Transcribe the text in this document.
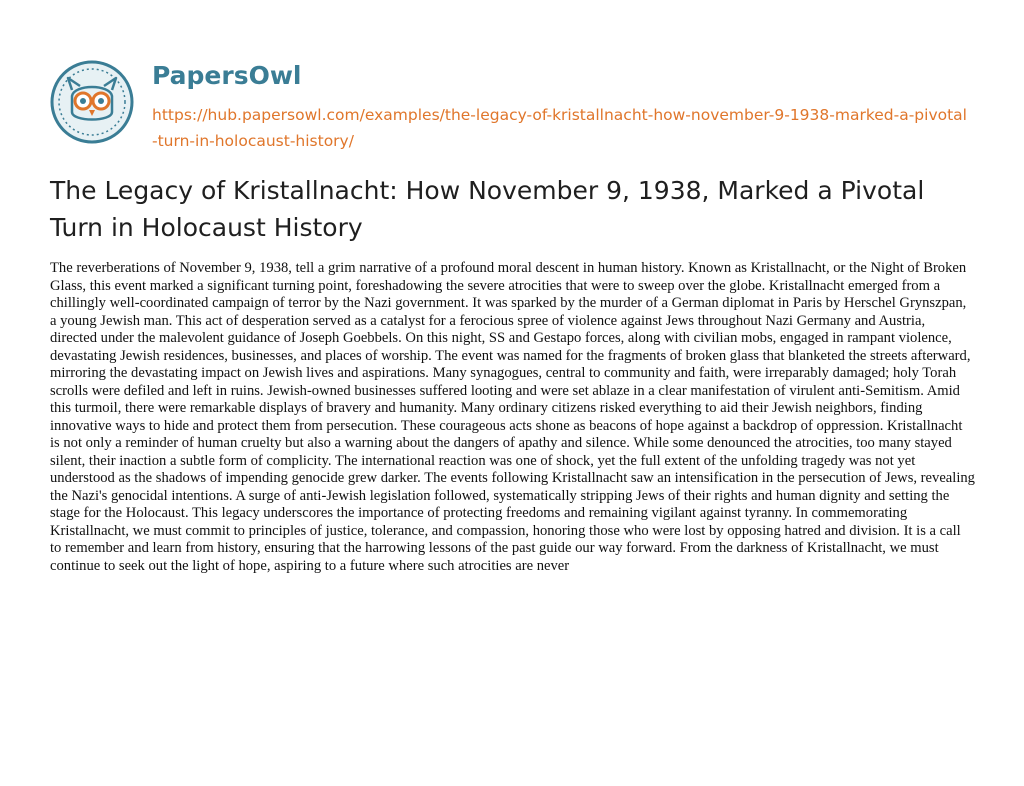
PapersOwl
https://hub.papersowl.com/examples/the-legacy-of-kristallnacht-how-november-9-1938-marked-a-pivotal-turn-in-holocaust-history/
The Legacy of Kristallnacht: How November 9, 1938, Marked a Pivotal Turn in Holocaust History

The reverberations of November 9, 1938, tell a grim narrative of a profound moral descent in human history. Known as Kristallnacht, or the Night of Broken Glass, this event marked a significant turning point, foreshadowing the severe atrocities that were to sweep over the globe. Kristallnacht emerged from a chillingly well-coordinated campaign of terror by the Nazi government. It was sparked by the murder of a German diplomat in Paris by Herschel Grynszpan, a young Jewish man. This act of desperation served as a catalyst for a ferocious spree of violence against Jews throughout Nazi Germany and Austria, directed under the malevolent guidance of Joseph Goebbels. On this night, SS and Gestapo forces, along with civilian mobs, engaged in rampant violence, devastating Jewish residences, businesses, and places of worship. The event was named for the fragments of broken glass that blanketed the streets afterward, mirroring the devastating impact on Jewish lives and aspirations. Many synagogues, central to community and faith, were irreparably damaged; holy Torah scrolls were defiled and left in ruins. Jewish-owned businesses suffered looting and were set ablaze in a clear manifestation of virulent anti-Semitism. Amid this turmoil, there were remarkable displays of bravery and humanity. Many ordinary citizens risked everything to aid their Jewish neighbors, finding innovative ways to hide and protect them from persecution. These courageous acts shone as beacons of hope against a backdrop of oppression. Kristallnacht is not only a reminder of human cruelty but also a warning about the dangers of apathy and silence. While some denounced the atrocities, too many stayed silent, their inaction a subtle form of complicity. The international reaction was one of shock, yet the full extent of the unfolding tragedy was not yet understood as the shadows of impending genocide grew darker. The events following Kristallnacht saw an intensification in the persecution of Jews, revealing the Nazi's genocidal intentions. A surge of anti-Jewish legislation followed, systematically stripping Jews of their rights and human dignity and setting the stage for the Holocaust. This legacy underscores the importance of protecting freedoms and remaining vigilant against tyranny. In commemorating Kristallnacht, we must commit to principles of justice, tolerance, and compassion, honoring those who were lost by opposing hatred and division. It is a call to remember and learn from history, ensuring that the harrowing lessons of the past guide our way forward. From the darkness of Kristallnacht, we must continue to seek out the light of hope, aspiring to a future where such atrocities are never
